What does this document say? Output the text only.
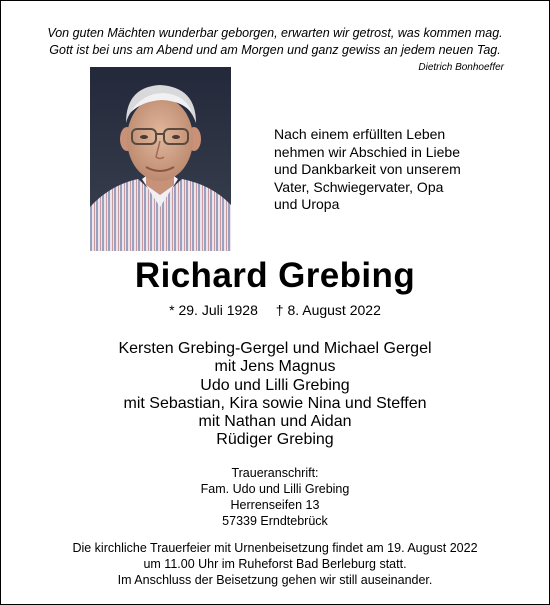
Von guten Mächten wunderbar geborgen, erwarten wir getrost, was kommen mag.
Gott ist bei uns am Abend und am Morgen und ganz gewiss an jedem neuen Tag.
Dietrich Bonhoeffer
Nach einem erfüllten Leben
nehmen wir Abschied in Liebe
und Dankbarkeit von unserem
Vater, Schwiegervater, Opa
und Uropa
Richard Grebing
* 29. Juli 1928 † 8. August 2022
Kersten Grebing-Gergel und Michael Gergel
mit Jens Magnus
Udo und Lilli Grebing
mit Sebastian, Kira sowie Nina und Steffen
mit Nathan und Aidan
Rüdiger Grebing
Traueranschrift:
Fam. Udo und Lilli Grebing
Herrenseifen 13
57339 Erndtebrück
Die kirchliche Trauerfeier mit Urnenbeisetzung findet am 19. August 2022
um 11.00 Uhr im Ruheforst Bad Berleburg statt.
Im Anschluss der Beisetzung gehen wir still auseinander.
